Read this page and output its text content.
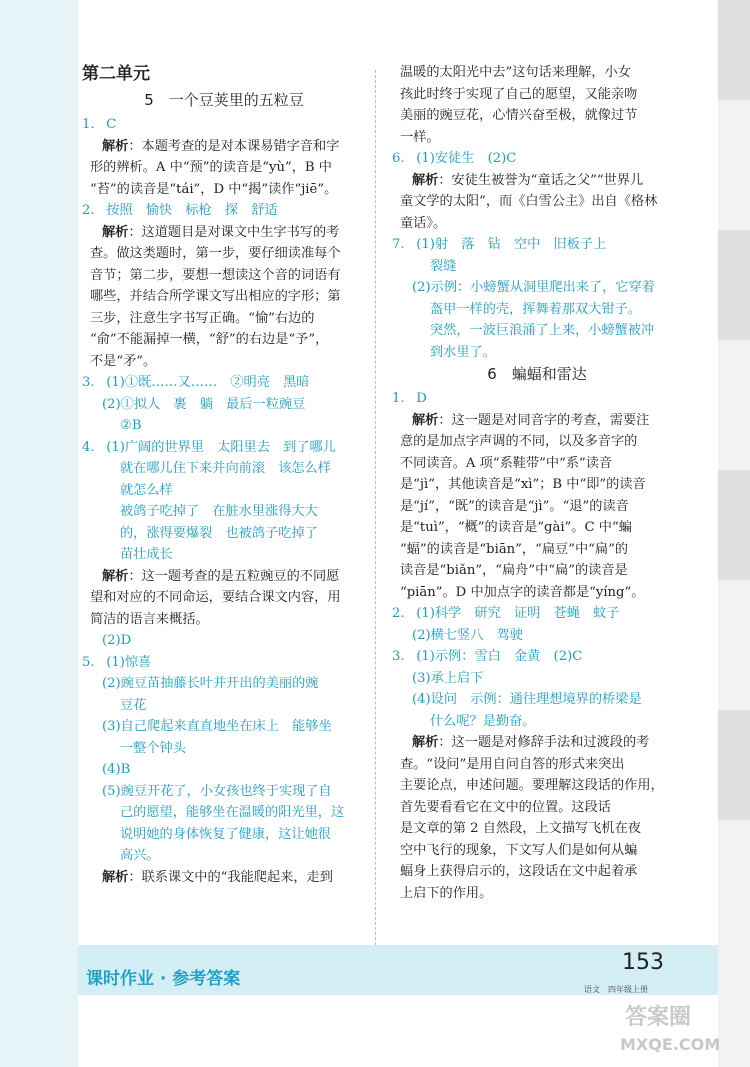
第二单元
5　一个豆荚里的五粒豆
1. C
解析：本题考查的是对本课易错字音和字
形的辨析。A 中“预”的读音是“yù”，B 中
“苔”的读音是“tái”，D 中“揭”读作“jiē”。
2. 按照　愉快　标枪　探　舒适
解析：这道题目是对课文中生字书写的考
查。做这类题时，第一步，要仔细读准每个
音节；第二步，要想一想读这个音的词语有
哪些，并结合所学课文写出相应的字形；第
三步，注意生字书写正确。“愉”右边的
“俞”不能漏掉一横，“舒”的右边是“予”，
不是“矛”。
3. (1)①既……又……　②明亮　黑暗
(2)①拟人　裹　躺　最后一粒豌豆
②B
4. (1)广阔的世界里　太阳里去　到了哪儿
就在哪儿住下来并向前滚　该怎么样
就怎么样
被鸽子吃掉了　在脏水里涨得大大
的，涨得要爆裂　也被鸽子吃掉了
苗壮成长
解析：这一题考查的是五粒豌豆的不同愿
望和对应的不同命运，要结合课文内容，用
简洁的语言来概括。
(2)D
5. (1)惊喜
(2)豌豆苗抽藤长叶并开出的美丽的豌
豆花
(3)自己爬起来直直地坐在床上　能够坐
一整个钟头
(4)B
(5)豌豆开花了，小女孩也终于实现了自
己的愿望，能够坐在温暖的阳光里，这
说明她的身体恢复了健康，这让她很
高兴。
解析：联系课文中的“我能爬起来，走到
温暖的太阳光中去”这句话来理解，小女
孩此时终于实现了自己的愿望，又能亲吻
美丽的豌豆花，心情兴奋至极，就像过节
一样。
6. (1)安徒生　(2)C
解析：安徒生被誉为“童话之父”“世界儿
童文学的太阳”，而《白雪公主》出自《格林
童话》。
7. (1)射　落　钻　空中　旧板子上
裂缝
(2)示例：小螃蟹从洞里爬出来了，它穿着
盔甲一样的壳，挥舞着那双大钳子。
突然，一波巨浪涌了上来，小螃蟹被冲
到水里了。
6　蝙蝠和雷达
1. D
解析：这一题是对同音字的考查，需要注
意的是加点字声调的不同，以及多音字的
不同读音。A 项“系鞋带”中“系”读音
是“jì”，其他读音是“xì”；B 中“即”的读音
是“jí”，“既”的读音是“jì”。“退”的读音
是“tuì”，“概”的读音是“gài”。C 中“蝙
“蝠”的读音是“biān”，“扁豆”中“扁”的
读音是“biǎn”，“扁舟”中“扁”的读音是
“piān”。D 中加点字的读音都是“yíng”。
2. (1)科学　研究　证明　苍蝇　蚊子
(2)横七竖八　驾驶
3. (1)示例：雪白　金黄　(2)C
(3)承上启下
(4)设问　示例：通往理想境界的桥梁是
什么呢？是勤奋。
解析：这一题是对修辞手法和过渡段的考
查。“设问”是用自问自答的形式来突出
主要论点，申述问题。要理解这段话的作用，
首先要看看它在文中的位置。这段话
是文章的第 2 自然段，上文描写飞机在夜
空中飞行的现象，下文写人们是如何从蝙
蝠身上获得启示的，这段话在文中起着承
上启下的作用。
课时作业 · 参考答案
153
语文　四年级上册
答案圈
MXQE.COM
